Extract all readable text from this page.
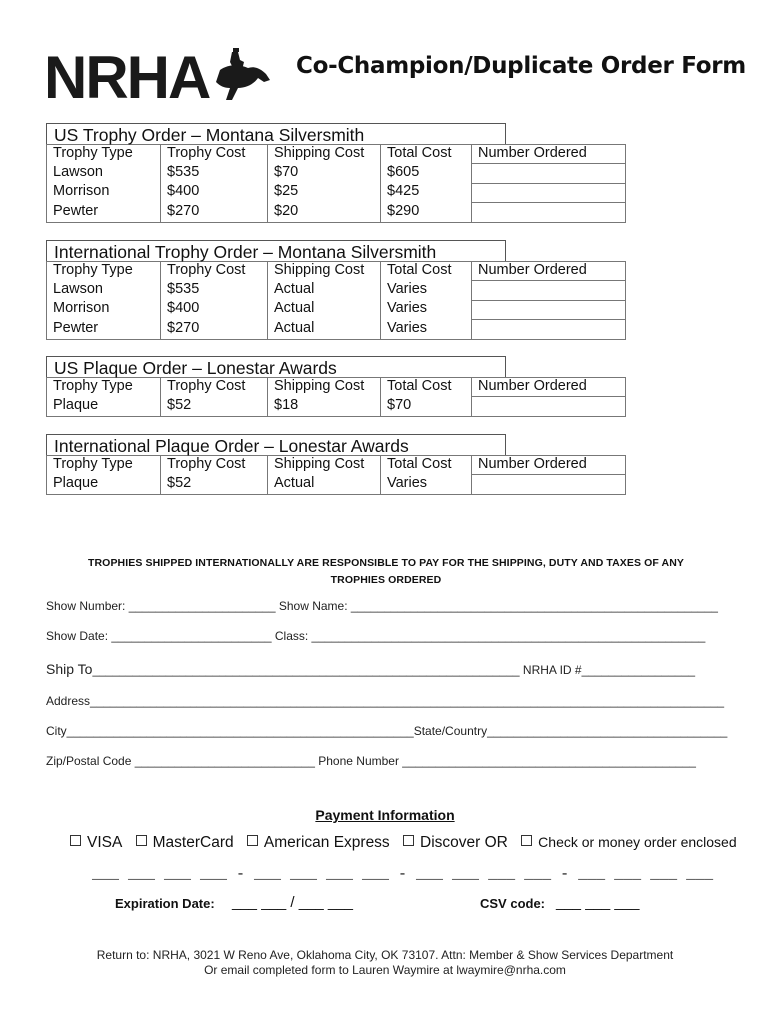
NRHA	Co-Champion/Duplicate Order Form
US Trophy Order – Montana Silversmith
Trophy Type	Trophy Cost	Shipping Cost	Total Cost	Number Ordered
Lawson	$535	$70	$605	
Morrison	$400	$25	$425	
Pewter	$270	$20	$290	
International Trophy Order – Montana Silversmith
Trophy Type	Trophy Cost	Shipping Cost	Total Cost	Number Ordered
Lawson	$535	Actual	Varies	
Morrison	$400	Actual	Varies	
Pewter	$270	Actual	Varies	
US Plaque Order – Lonestar Awards
Trophy Type	Trophy Cost	Shipping Cost	Total Cost	Number Ordered
Plaque	$52	$18	$70	
International Plaque Order – Lonestar Awards
Trophy Type	Trophy Cost	Shipping Cost	Total Cost	Number Ordered
Plaque	$52	Actual	Varies	
TROPHIES SHIPPED INTERNATIONALLY ARE RESPONSIBLE TO PAY FOR THE SHIPPING, DUTY AND TAXES OF ANY
TROPHIES ORDERED
Show Number: ______________________ Show Name: _______________________________________________________
Show Date: ________________________ Class: ___________________________________________________________
Ship To________________________________________________________________ NRHA ID #_________________
Address_______________________________________________________________________________________________
City____________________________________________________State/Country____________________________________
Zip/Postal Code ___________________________ Phone Number ____________________________________________
Payment Information
VISA MasterCard American Express Discover OR Check or money order enclosed
___ ___ ___ ___ - ___ ___ ___ ___ - ___ ___ ___ ___ - ___ ___ ___ ___
Expiration Date: ___ ___ / ___ ___	CSV code: ___ ___ ___
Return to: NRHA, 3021 W Reno Ave, Oklahoma City, OK 73107. Attn: Member & Show Services Department
Or email completed form to Lauren Waymire at lwaymire@nrha.com
